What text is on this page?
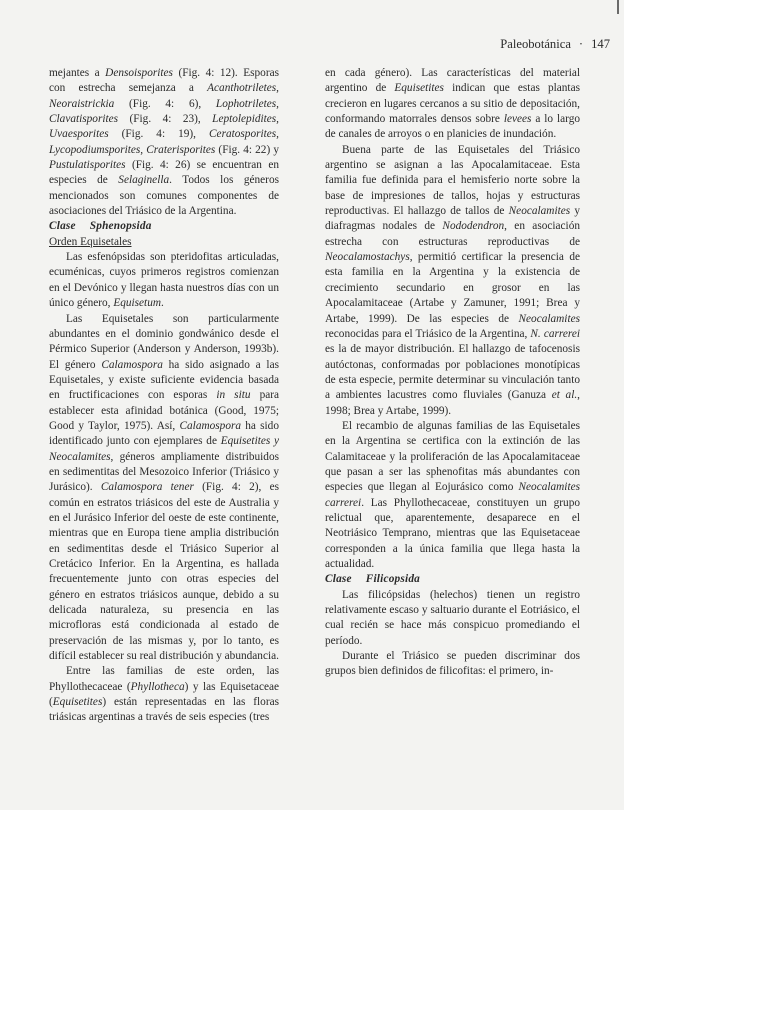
Paleobotánica · 147

mejantes a Densoisporites (Fig. 4: 12). Esporas con estrecha semejanza a Acanthotriletes, Neoraistrickia (Fig. 4: 6), Lophotriletes, Clavatisporites (Fig. 4: 23), Leptolepidites, Uvaesporites (Fig. 4: 19), Ceratosporites, Lycopodiumsporites, Craterisporites (Fig. 4: 22) y Pustulatisporites (Fig. 4: 26) se encuentran en especies de Selaginella. Todos los géneros mencionados son comunes componentes de asociaciones del Triásico de la Argentina.

Clase Sphenopsida

Orden Equisetales

Las esfenópsidas son pteridofitas articuladas, ecuménicas, cuyos primeros registros comienzan en el Devónico y llegan hasta nuestros días con un único género, Equisetum.

Las Equisetales son particularmente abundantes en el dominio gondwánico desde el Pérmico Superior (Anderson y Anderson, 1993b). El género Calamospora ha sido asignado a las Equisetales, y existe suficiente evidencia basada en fructificaciones con esporas in situ para establecer esta afinidad botánica (Good, 1975; Good y Taylor, 1975). Así, Calamospora ha sido identificado junto con ejemplares de Equisetites y Neocalamites, géneros ampliamente distribuidos en sedimentitas del Mesozoico Inferior (Triásico y Jurásico). Calamospora tener (Fig. 4: 2), es común en estratos triásicos del este de Australia y en el Jurásico Inferior del oeste de este continente, mientras que en Europa tiene amplia distribución en sedimentitas desde el Triásico Superior al Cretácico Inferior. En la Argentina, es hallada frecuentemente junto con otras especies del género en estratos triásicos aunque, debido a su delicada naturaleza, su presencia en las microfloras está condicionada al estado de preservación de las mismas y, por lo tanto, es difícil establecer su real distribución y abundancia.

Entre las familias de este orden, las Phyllothecaceae (Phyllotheca) y las Equisetaceae (Equisetites) están representadas en las floras triásicas argentinas a través de seis especies (tres

en cada género). Las características del material argentino de Equisetites indican que estas plantas crecieron en lugares cercanos a su sitio de depositación, conformando matorrales densos sobre levees a lo largo de canales de arroyos o en planicies de inundación.

Buena parte de las Equisetales del Triásico argentino se asignan a las Apocalamitaceae. Esta familia fue definida para el hemisferio norte sobre la base de impresiones de tallos, hojas y estructuras reproductivas. El hallazgo de tallos de Neocalamites y diafragmas nodales de Nododendron, en asociación estrecha con estructuras reproductivas de Neocalamostachys, permitió certificar la presencia de esta familia en la Argentina y la existencia de crecimiento secundario en grosor en las Apocalamitaceae (Artabe y Zamuner, 1991; Brea y Artabe, 1999). De las especies de Neocalamites reconocidas para el Triásico de la Argentina, N. carrerei es la de mayor distribución. El hallazgo de tafocenosis autóctonas, conformadas por poblaciones monotípicas de esta especie, permite determinar su vinculación tanto a ambientes lacustres como fluviales (Ganuza et al., 1998; Brea y Artabe, 1999).

El recambio de algunas familias de las Equisetales en la Argentina se certifica con la extinción de las Calamitaceae y la proliferación de las Apocalamitaceae que pasan a ser las sphenofitas más abundantes con especies que llegan al Eojurásico como Neocalamites carrerei. Las Phyllothecaceae, constituyen un grupo relictual que, aparentemente, desaparece en el Neotriásico Temprano, mientras que las Equisetaceae corresponden a la única familia que llega hasta la actualidad.

Clase Filicopsida

Las filicópsidas (helechos) tienen un registro relativamente escaso y saltuario durante el Eotriásico, el cual recién se hace más conspicuo promediando el período.

Durante el Triásico se pueden discriminar dos grupos bien definidos de filicofitas: el primero, in-
